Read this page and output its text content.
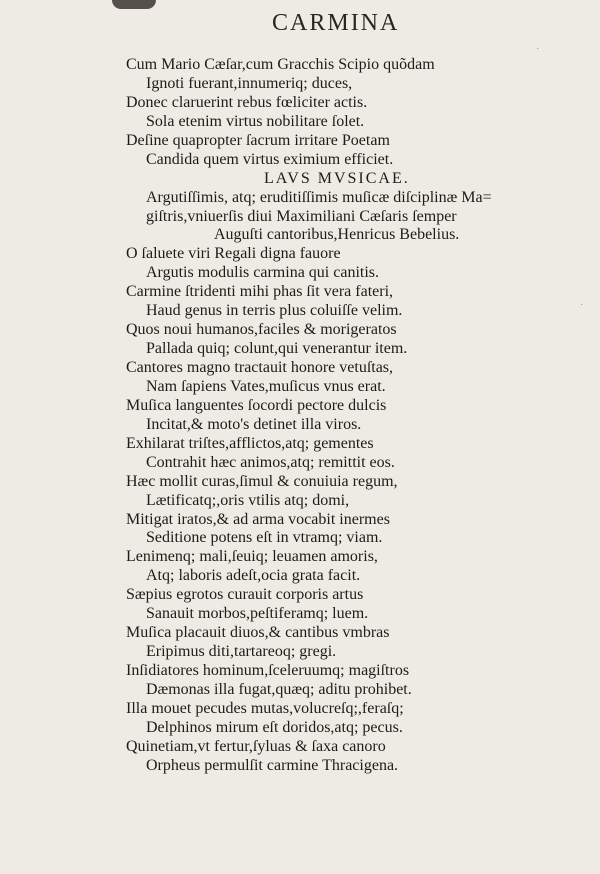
CARMINA
·
·
Cum Mario Cæſar,cum Gracchis Scipio quõdam
Ignoti fuerant,innumeriq; duces,
Donec claruerint rebus fœliciter actis.
Sola etenim virtus nobilitare ſolet.
Deſine quapropter ſacrum irritare Poetam
Candida quem virtus eximium efficiet.
LAVS MVSICAE.
Argutiſſimis, atq; eruditiſſimis muſicæ diſciplinæ Ma=
giſtris,vniuerſis diui Maximiliani Cæſaris ſemper
Auguſti cantoribus,Henricus Bebelius.
O ſaluete viri Regali digna fauore
Argutis modulis carmina qui canitis.
Carmine ſtridenti mihi phas ſit vera fateri,
Haud genus in terris plus coluiſſe velim.
Quos noui humanos,faciles & morigeratos
Pallada quiq; colunt,qui venerantur item.
Cantores magno tractauit honore vetuſtas,
Nam ſapiens Vates,muſicus vnus erat.
Muſica languentes ſocordi pectore dulcis
Incitat,& moto's detinet illa viros.
Exhilarat triſtes,afflictos,atq; gementes
Contrahit hæc animos,atq; remittit eos.
Hæc mollit curas,ſimul & conuiuia regum,
Lætificatq;,oris vtilis atq; domi,
Mitigat iratos,& ad arma vocabit inermes
Seditione potens eſt in vtramq; viam.
Lenimenq; mali,ſeuiq; leuamen amoris,
Atq; laboris adeſt,ocia grata facit.
Sæpius egrotos curauit corporis artus
Sanauit morbos,peſtiferamq; luem.
Muſica placauit diuos,& cantibus vmbras
Eripimus diti,tartareoq; gregi.
Inſidiatores hominum,ſceleruumq; magiſtros
Dæmonas illa fugat,quæq; aditu prohibet.
Illa mouet pecudes mutas,volucreſq;,feraſq;
Delphinos mirum eſt doridos,atq; pecus.
Quinetiam,vt fertur,ſyluas & ſaxa canoro
Orpheus permulſit carmine Thracigena.
